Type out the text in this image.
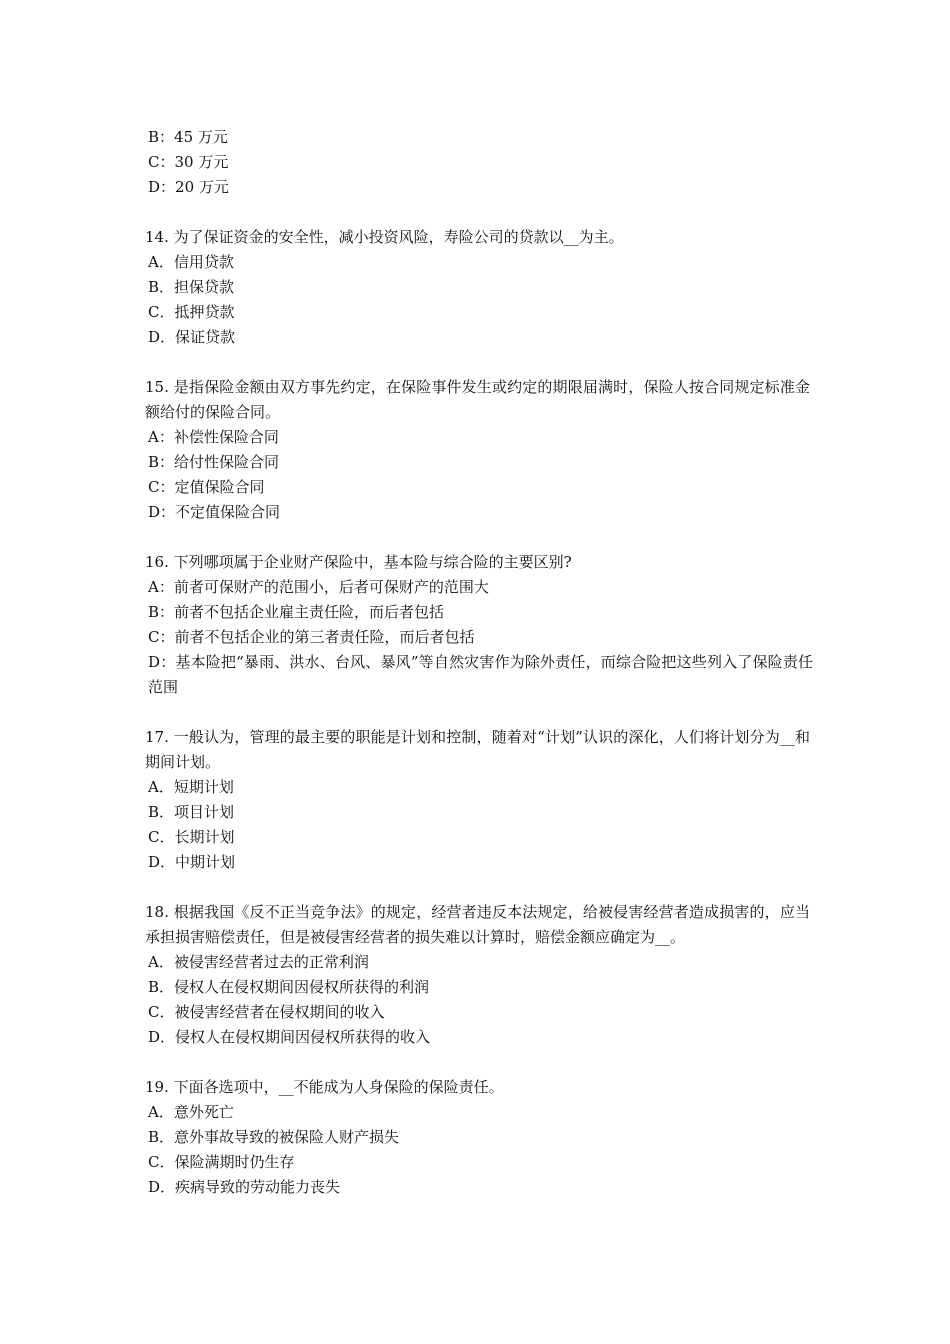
B：45 万元
C：30 万元
D：20 万元
14. 为了保证资金的安全性，减小投资风险，寿险公司的贷款以__为主。
A．信用贷款
B．担保贷款
C．抵押贷款
D．保证贷款
15. 是指保险金额由双方事先约定，在保险事件发生或约定的期限届满时，保险人按合同规定标准金额给付的保险合同。
A：补偿性保险合同
B：给付性保险合同
C：定值保险合同
D：不定值保险合同
16. 下列哪项属于企业财产保险中，基本险与综合险的主要区别?
A：前者可保财产的范围小，后者可保财产的范围大
B：前者不包括企业雇主责任险，而后者包括
C：前者不包括企业的第三者责任险，而后者包括
D：基本险把“暴雨、洪水、台风、暴风”等自然灾害作为除外责任，而综合险把这些列入了保险责任范围
17. 一般认为，管理的最主要的职能是计划和控制，随着对“计划”认识的深化，人们将计划分为__和期间计划。
A．短期计划
B．项目计划
C．长期计划
D．中期计划
18. 根据我国《反不正当竞争法》的规定，经营者违反本法规定，给被侵害经营者造成损害的，应当承担损害赔偿责任，但是被侵害经营者的损失难以计算时，赔偿金额应确定为__。
A．被侵害经营者过去的正常利润
B．侵权人在侵权期间因侵权所获得的利润
C．被侵害经营者在侵权期间的收入
D．侵权人在侵权期间因侵权所获得的收入
19. 下面各选项中，__不能成为人身保险的保险责任。
A．意外死亡
B．意外事故导致的被保险人财产损失
C．保险满期时仍生存
D．疾病导致的劳动能力丧失
